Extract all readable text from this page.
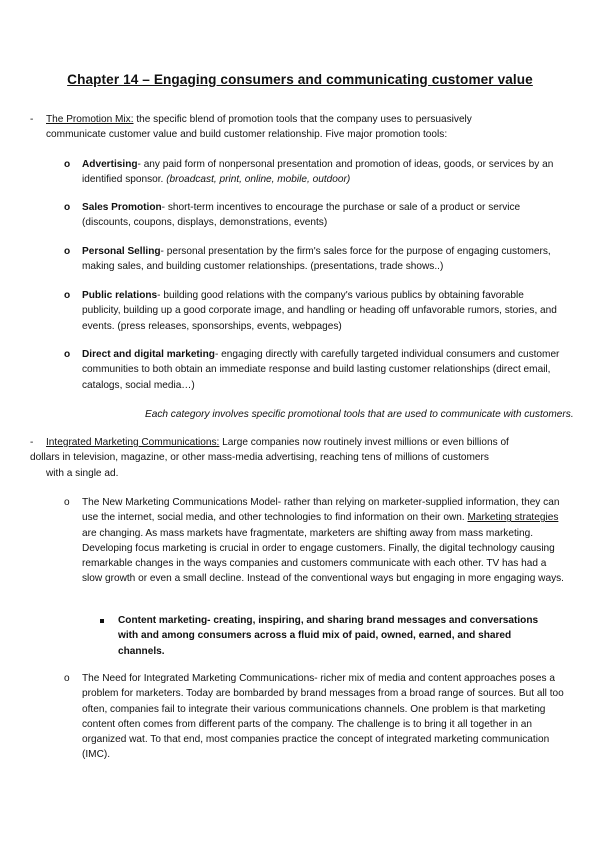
Chapter 14 – Engaging consumers and communicating customer value
- The Promotion Mix: the specific blend of promotion tools that the company uses to persuasively
communicate customer value and build customer relationship. Five major promotion tools:
o Advertising- any paid form of nonpersonal presentation and promotion of ideas, goods, or services by an identified sponsor. (broadcast, print, online, mobile, outdoor)
o Sales Promotion- short-term incentives to encourage the purchase or sale of a product or service (discounts, coupons, displays, demonstrations, events)
o Personal Selling- personal presentation by the firm's sales force for the purpose of engaging customers, making sales, and building customer relationships. (presentations, trade shows..)
o Public relations- building good relations with the company's various publics by obtaining favorable publicity, building up a good corporate image, and handling or heading off unfavorable rumors, stories, and events. (press releases, sponsorships, events, webpages)
o Direct and digital marketing- engaging directly with carefully targeted individual consumers and customer communities to both obtain an immediate response and build lasting customer relationships (direct email, catalogs, social media…)
Each category involves specific promotional tools that are used to communicate with customers.
- Integrated Marketing Communications: Large companies now routinely invest millions or even billions of
dollars in television, magazine, or other mass-media advertising, reaching tens of millions of customers
with a single ad.
o The New Marketing Communications Model- rather than relying on marketer-supplied information, they can use the internet, social media, and other technologies to find information on their own. Marketing strategies are changing. As mass markets have fragmentate, marketers are shifting away from mass marketing. Developing focus marketing is crucial in order to engage customers. Finally, the digital technology causing remarkable changes in the ways companies and customers communicate with each other. TV has had a slow growth or even a small decline. Instead of the conventional ways but engaging in more engaging ways.
Content marketing- creating, inspiring, and sharing brand messages and conversations with and among consumers across a fluid mix of paid, owned, earned, and shared channels.
o The Need for Integrated Marketing Communications- richer mix of media and content approaches poses a problem for marketers. Today are bombarded by brand messages from a broad range of sources. But all too often, companies fail to integrate their various communications channels. One problem is that marketing content often comes from different parts of the company. The challenge is to bring it all together in an organized wat. To that end, most companies practice the concept of integrated marketing communication (IMC).
